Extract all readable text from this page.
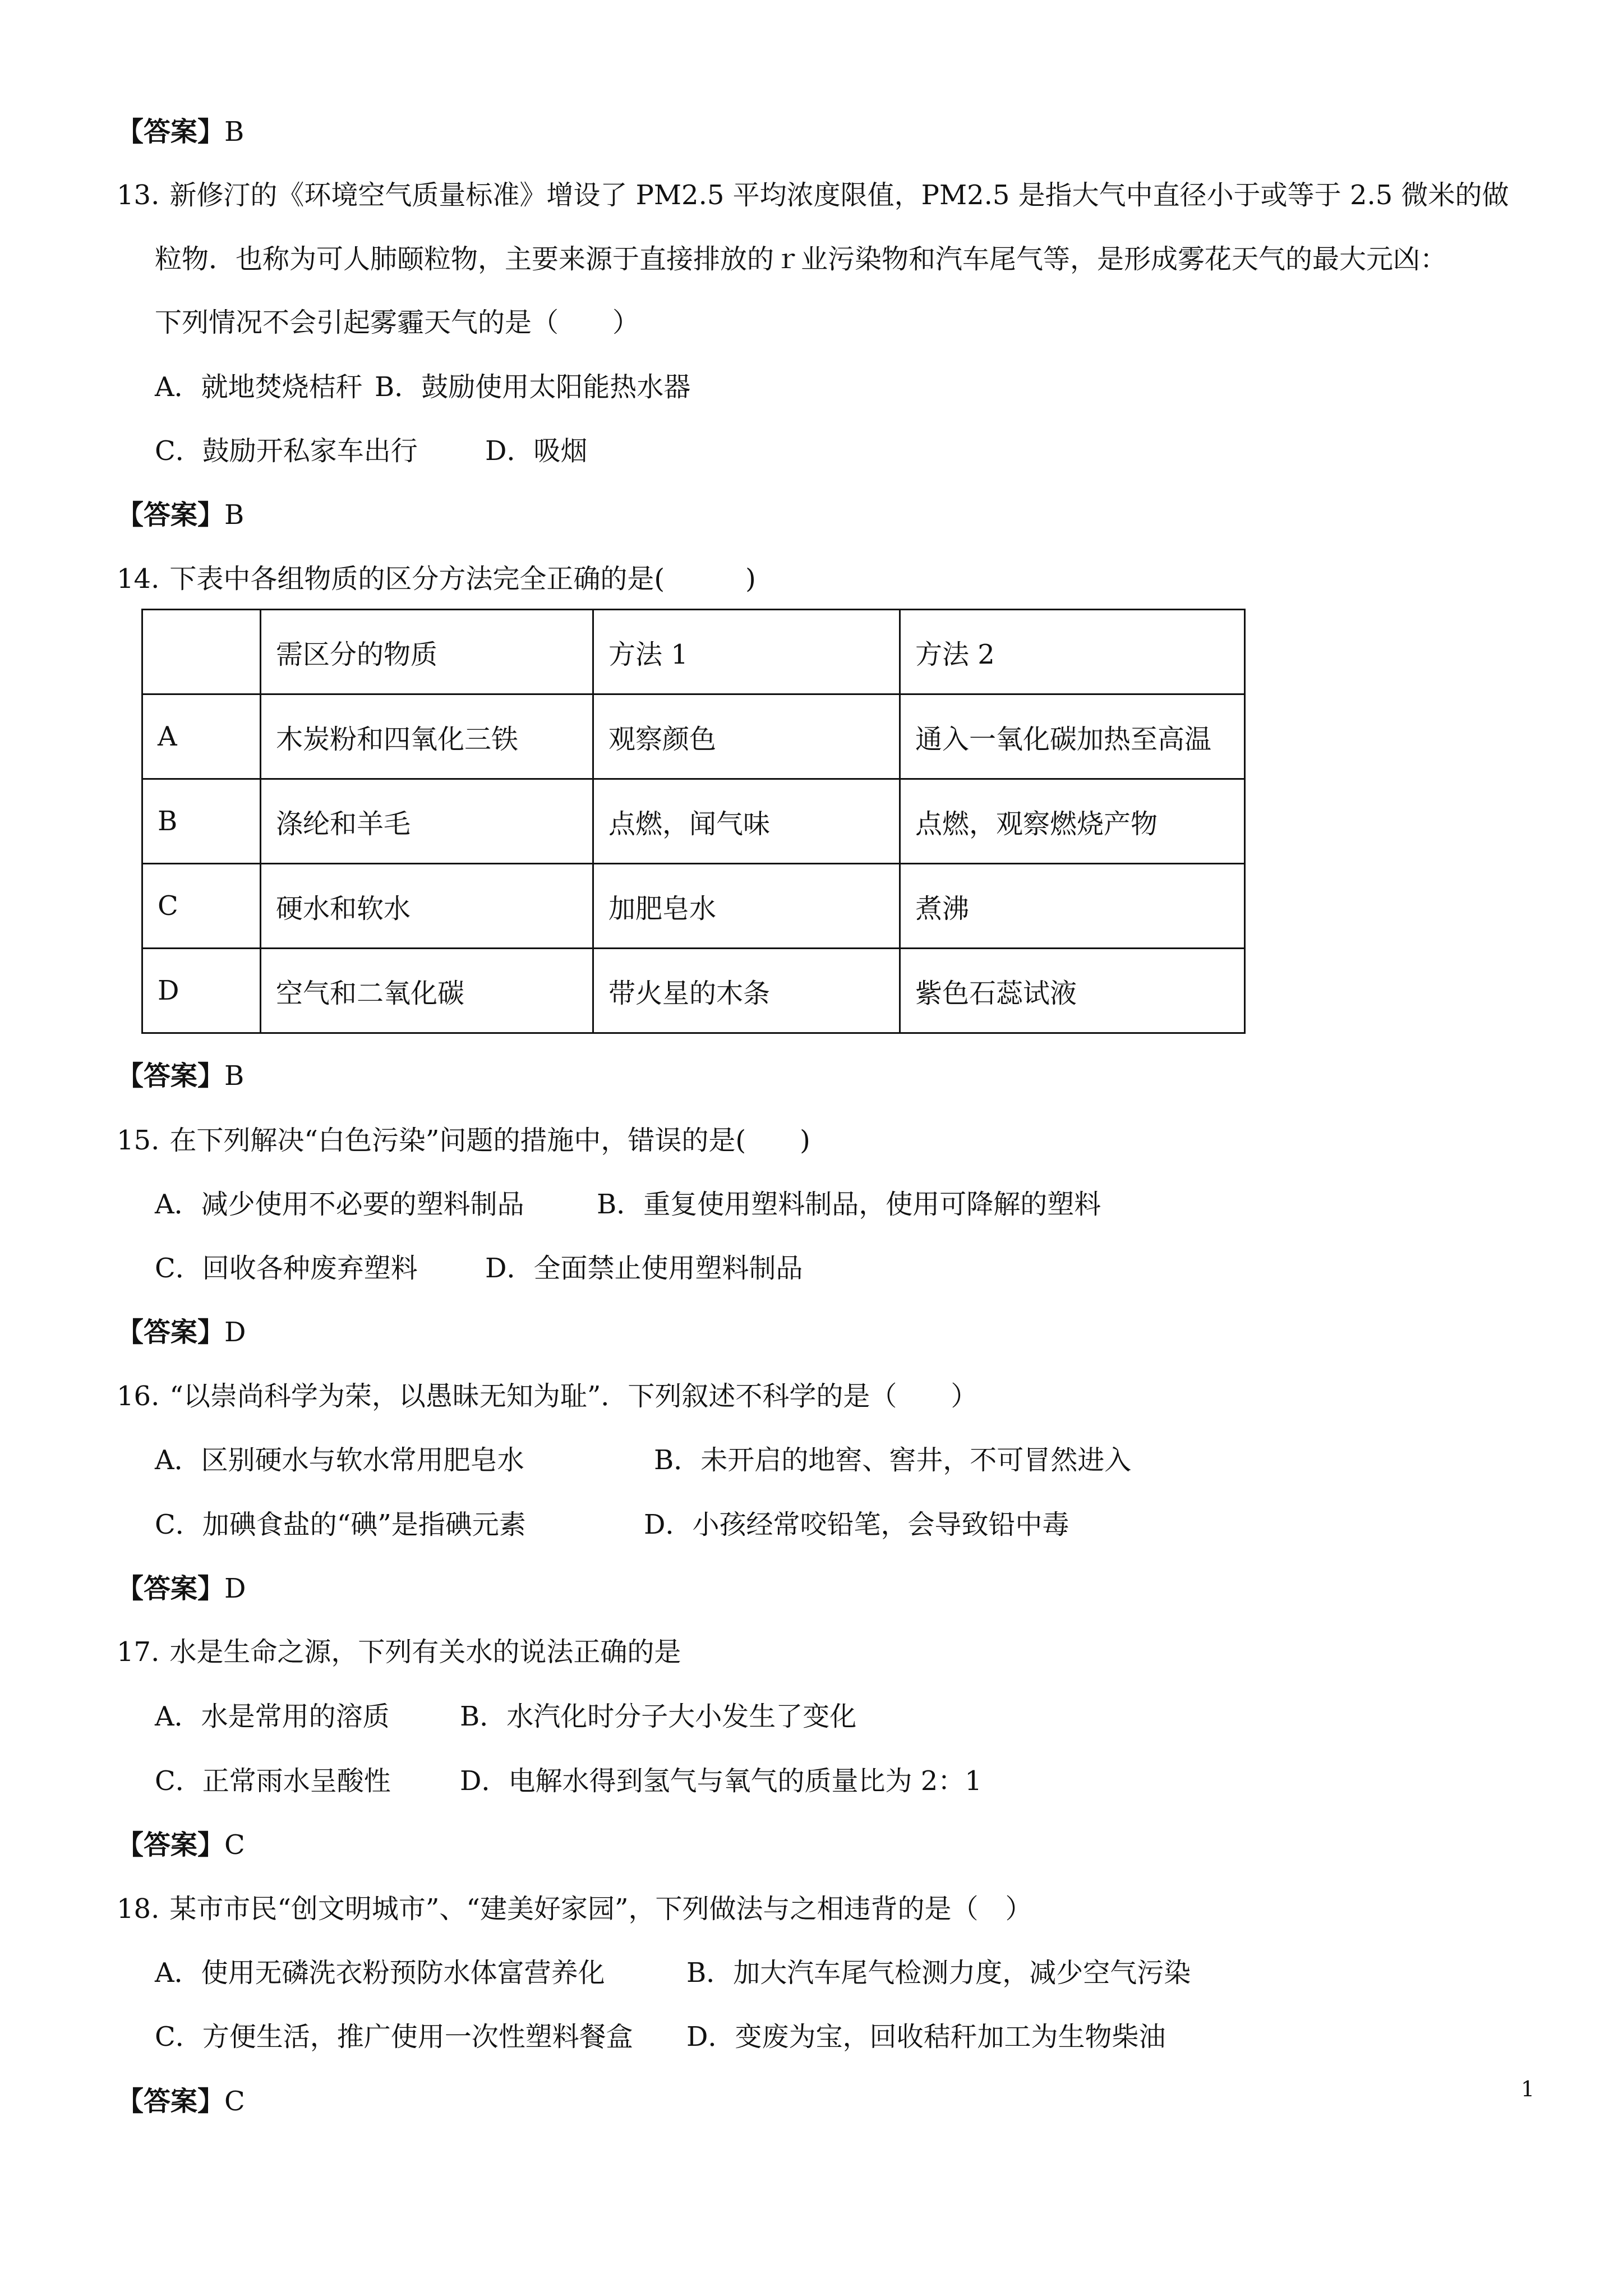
【答案】B
13. 新修汀的《环境空气质量标准》增设了 PM2.5 平均浓度限值，PM2.5 是指大气中直径小于或等于 2.5 微米的做
粒物．也称为可人肺颐粒物，主要来源于直接排放的ｒ业污染物和汽车尾气等，是形成雾花天气的最大元凶：
下列情况不会引起雾霾天气的是（　　）
A．就地焚烧桔秆 B．鼓励使用太阳能热水器
C．鼓励开私家车出行	D．吸烟
【答案】B
14. 下表中各组物质的区分方法完全正确的是(　　　)
	需区分的物质	方法 1	方法 2
A	木炭粉和四氧化三铁	观察颜色	通入一氧化碳加热至高温
B	涤纶和羊毛	点燃，闻气味	点燃，观察燃烧产物
C	硬水和软水	加肥皂水	煮沸
D	空气和二氧化碳	带火星的木条	紫色石蕊试液
【答案】B
15. 在下列解决“白色污染”问题的措施中，错误的是(　　)
A．减少使用不必要的塑料制品	B．重复使用塑料制品，使用可降解的塑料
C．回收各种废弃塑料	D．全面禁止使用塑料制品
【答案】D
16. “以崇尚科学为荣，以愚昧无知为耻”．下列叙述不科学的是（　　）
A．区别硬水与软水常用肥皂水	B．未开启的地窖、窖井，不可冒然进入
C．加碘食盐的“碘”是指碘元素	D．小孩经常咬铅笔，会导致铅中毒
【答案】D
17. 水是生命之源，下列有关水的说法正确的是
A．水是常用的溶质	B．水汽化时分子大小发生了变化
C．正常雨水呈酸性	D．电解水得到氢气与氧气的质量比为 2：1
【答案】C
18. 某市市民“创文明城市”、“建美好家园”，下列做法与之相违背的是（　）
A．使用无磷洗衣粉预防水体富营养化	B．加大汽车尾气检测力度，减少空气污染
C．方便生活，推广使用一次性塑料餐盒 D．变废为宝，回收秸秆加工为生物柴油
【答案】C	1
